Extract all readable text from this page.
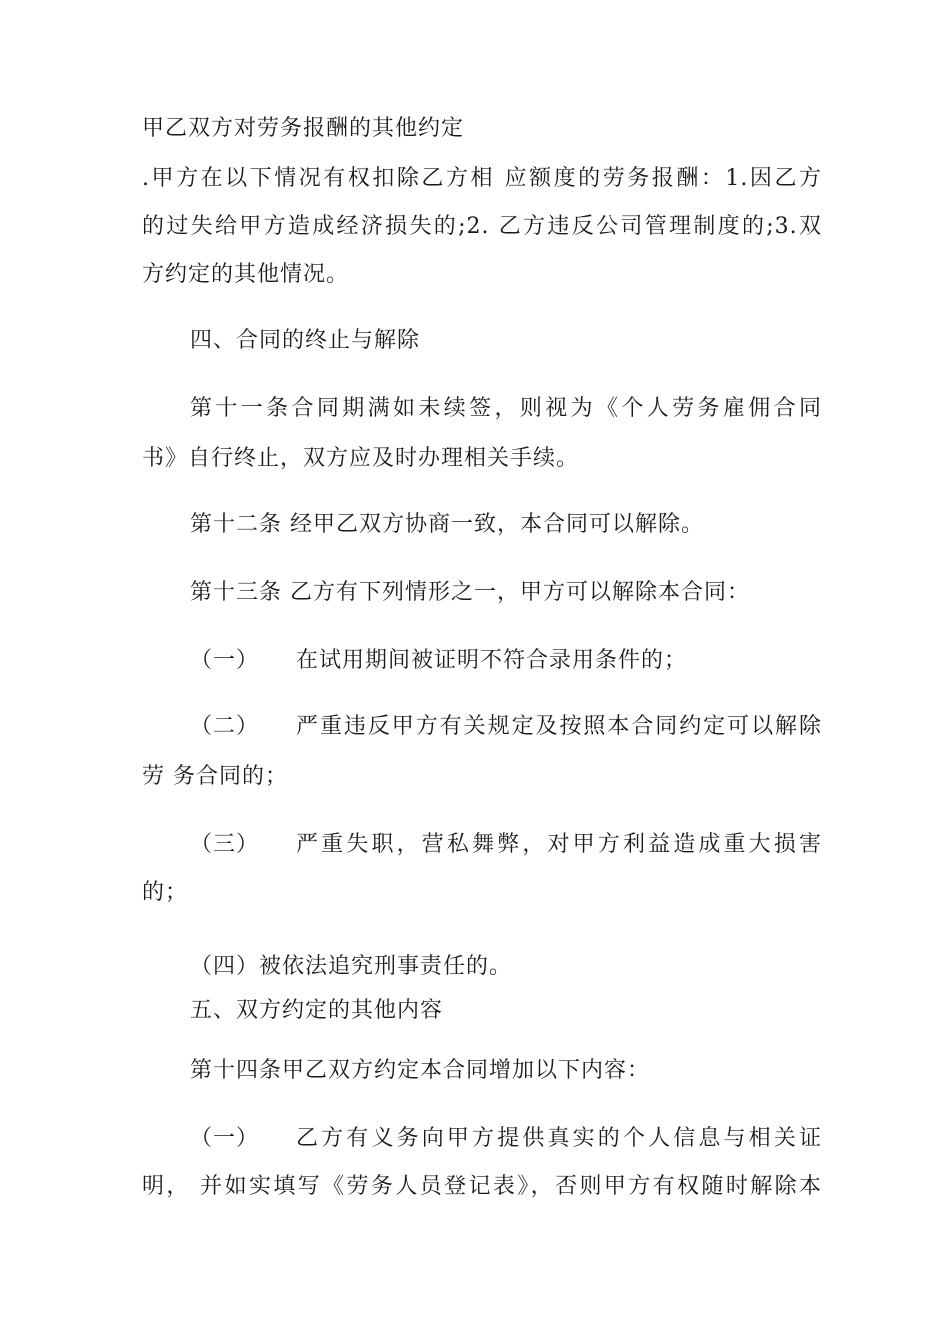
甲乙双方对劳务报酬的其他约定
.甲方在以下情况有权扣除乙方相 应额度的劳务报酬：1.因乙方
的过失给甲方造成经济损失的;2. 乙方违反公司管理制度的;3.双
方约定的其他情况。
四、合同的终止与解除
第十一条合同期满如未续签，则视为《个人劳务雇佣合同
书》自行终止，双方应及时办理相关手续。
第十二条 经甲乙双方协商一致，本合同可以解除。
第十三条 乙方有下列情形之一，甲方可以解除本合同：
（一） 在试用期间被证明不符合录用条件的；
（二） 严重违反甲方有关规定及按照本合同约定可以解除
劳 务合同的；
（三） 严重失职，营私舞弊，对甲方利益造成重大损害
的；
（四）被依法追究刑事责任的。
五、双方约定的其他内容
第十四条甲乙双方约定本合同增加以下内容：
（一） 乙方有义务向甲方提供真实的个人信息与相关证
明， 并如实填写《劳务人员登记表》，否则甲方有权随时解除本
